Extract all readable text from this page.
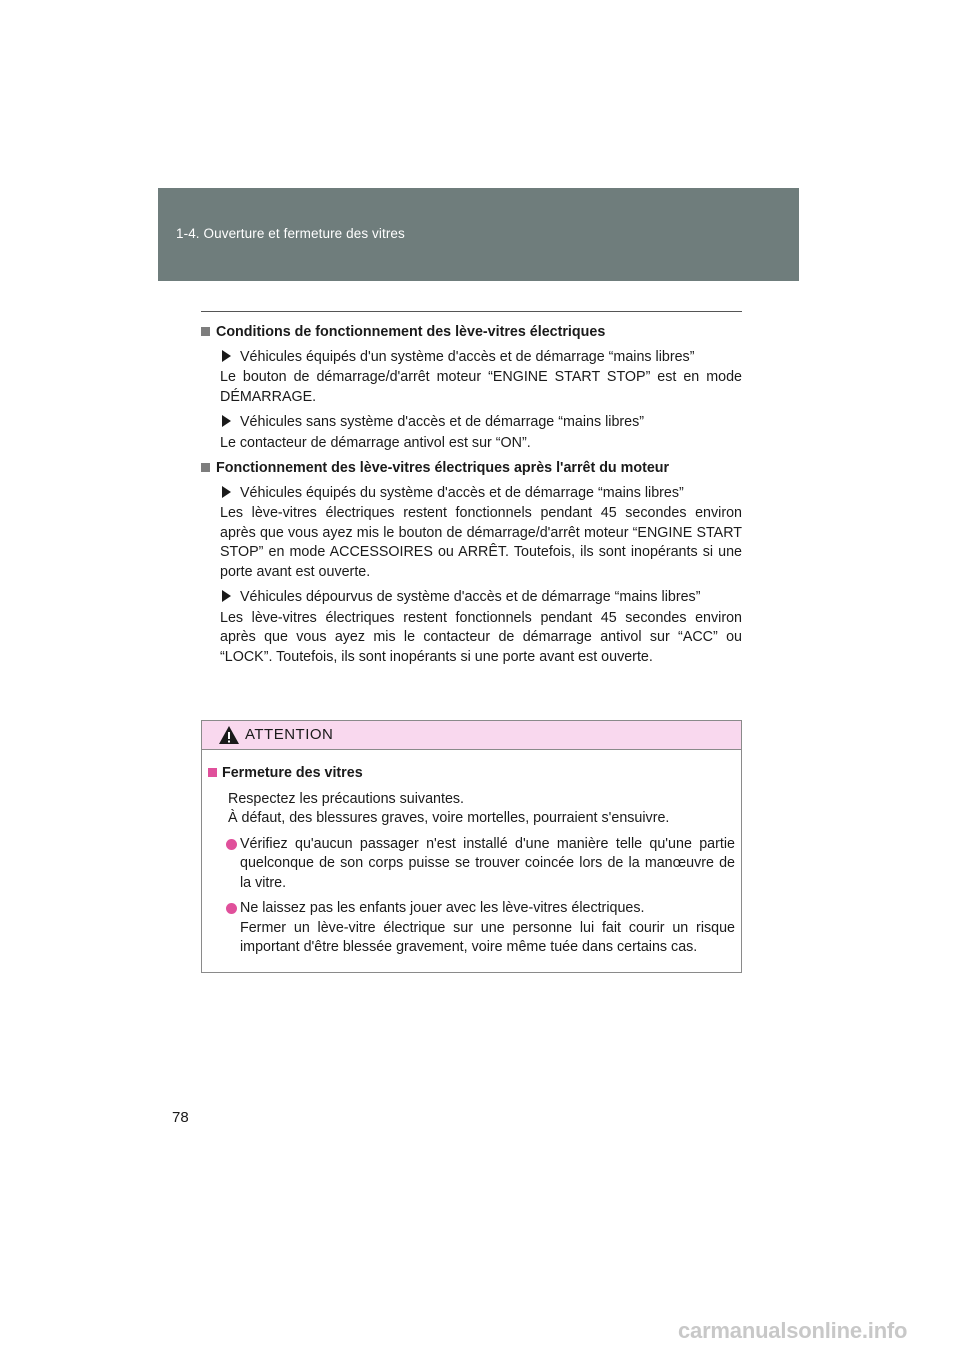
1-4. Ouverture et fermeture des vitres
Conditions de fonctionnement des lève-vitres électriques
Véhicules équipés d'un système d'accès et de démarrage “mains libres”
Le bouton de démarrage/d'arrêt moteur “ENGINE START STOP” est en mode DÉMARRAGE.
Véhicules sans système d'accès et de démarrage “mains libres”
Le contacteur de démarrage antivol est sur “ON”.
Fonctionnement des lève-vitres électriques après l'arrêt du moteur
Véhicules équipés du système d'accès et de démarrage “mains libres”
Les lève-vitres électriques restent fonctionnels pendant 45 secondes environ après que vous ayez mis le bouton de démarrage/d'arrêt moteur “ENGINE START STOP” en mode ACCESSOIRES ou ARRÊT. Toutefois, ils sont inopérants si une porte avant est ouverte.
Véhicules dépourvus de système d'accès et de démarrage “mains libres”
Les lève-vitres électriques restent fonctionnels pendant 45 secondes environ après que vous ayez mis le contacteur de démarrage antivol sur “ACC” ou “LOCK”. Toutefois, ils sont inopérants si une porte avant est ouverte.
ATTENTION
Fermeture des vitres
Respectez les précautions suivantes.
À défaut, des blessures graves, voire mortelles, pourraient s'ensuivre.
Vérifiez qu'aucun passager n'est installé d'une manière telle qu'une partie quelconque de son corps puisse se trouver coincée lors de la manœuvre de la vitre.
Ne laissez pas les enfants jouer avec les lève-vitres électriques.
Fermer un lève-vitre électrique sur une personne lui fait courir un risque important d'être blessée gravement, voire même tuée dans certains cas.
78
carmanualsonline.info
